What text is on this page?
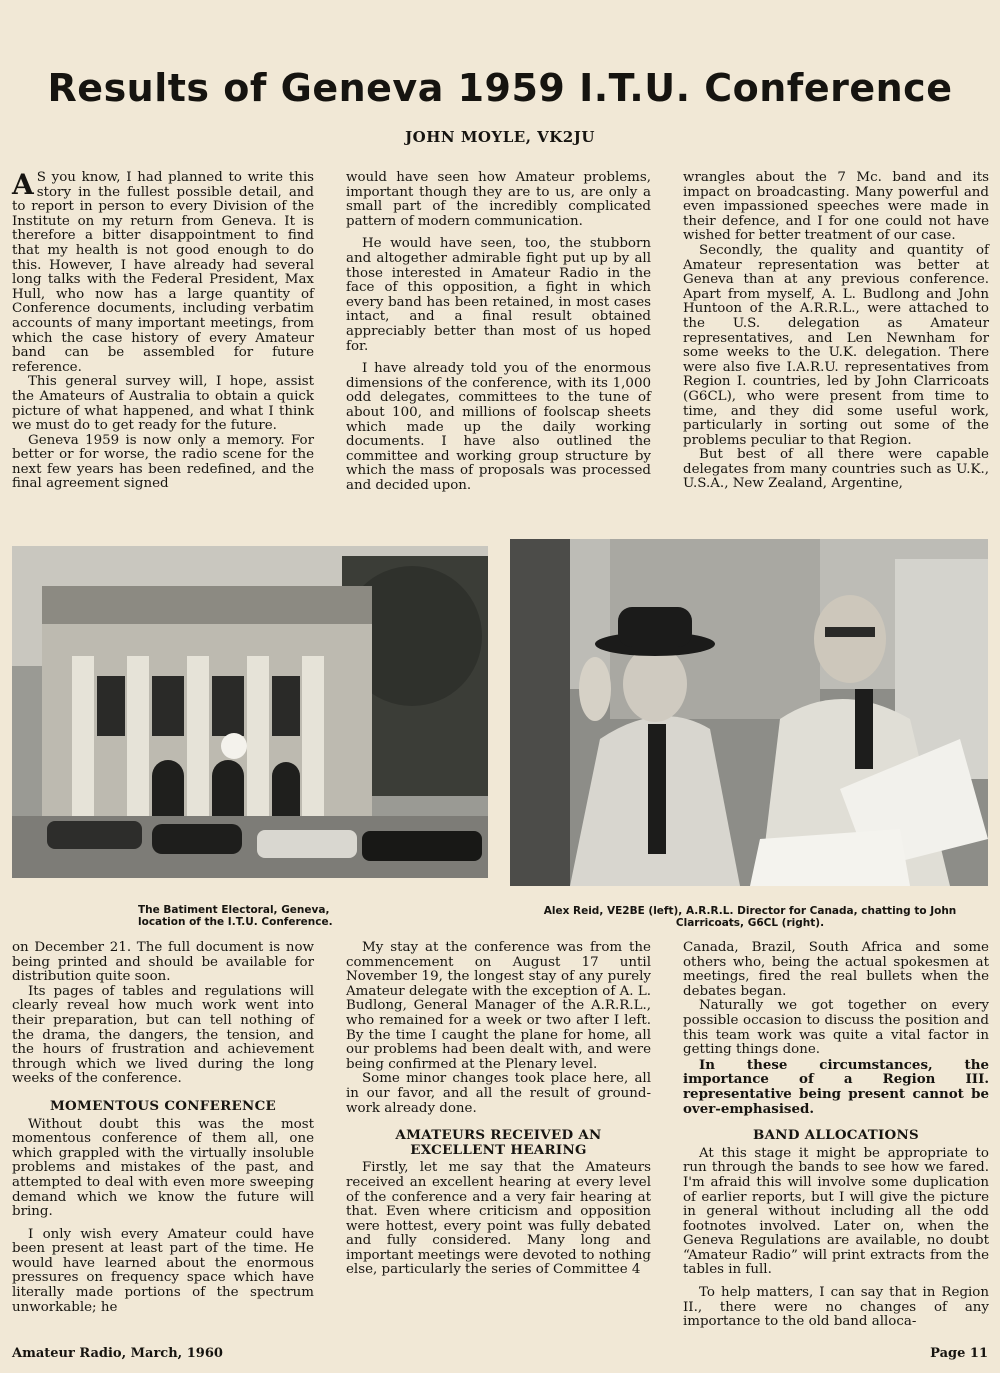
Results of Geneva 1959 I.T.U. Conference
JOHN MOYLE, VK2JU

A S you know, I had planned to write this story in the fullest possible detail, and to report in person to every Division of the Institute on my return from Geneva. It is therefore a bitter disappointment to find that my health is not good enough to do this. However, I have already had several long talks with the Federal President, Max Hull, who now has a large quantity of Conference documents, including verbatim accounts of many important meetings, from which the case history of every Amateur band can be assembled for future reference.

This general survey will, I hope, assist the Amateurs of Australia to obtain a quick picture of what happened, and what I think we must do to get ready for the future.

Geneva 1959 is now only a memory. For better or for worse, the radio scene for the next few years has been redefined, and the final agreement signed

would have seen how Amateur problems, important though they are to us, are only a small part of the incredibly complicated pattern of modern communication.

He would have seen, too, the stubborn and altogether admirable fight put up by all those interested in Amateur Radio in the face of this opposition, a fight in which every band has been retained, in most cases intact, and a final result obtained appreciably better than most of us hoped for.

I have already told you of the enormous dimensions of the conference, with its 1,000 odd delegates, committees to the tune of about 100, and millions of foolscap sheets which made up the daily working documents. I have also outlined the committee and working group structure by which the mass of proposals was processed and decided upon.

wrangles about the 7 Mc. band and its impact on broadcasting. Many powerful and even impassioned speeches were made in their defence, and I for one could not have wished for better treatment of our case.

Secondly, the quality and quantity of Amateur representation was better at Geneva than at any previous conference. Apart from myself, A. L. Budlong and John Huntoon of the A.R.R.L., were attached to the U.S. delegation as Amateur representatives, and Len Newnham for some weeks to the U.K. delegation. There were also five I.A.R.U. representatives from Region I. countries, led by John Clarricoats (G6CL), who were present from time to time, and they did some useful work, particularly in sorting out some of the problems peculiar to that Region.

But best of all there were capable delegates from many countries such as U.K., U.S.A., New Zealand, Argentine,

The Batiment Electoral, Geneva, location of the I.T.U. Conference.
Alex Reid, VE2BE (left), A.R.R.L. Director for Canada, chatting to John Clarricoats, G6CL (right).

on December 21. The full document is now being printed and should be available for distribution quite soon.

Its pages of tables and regulations will clearly reveal how much work went into their preparation, but can tell nothing of the drama, the dangers, the tension, and the hours of frustration and achievement through which we lived during the long weeks of the conference.

MOMENTOUS CONFERENCE

Without doubt this was the most momentous conference of them all, one which grappled with the virtually insoluble problems and mistakes of the past, and attempted to deal with even more sweeping demand which we know the future will bring.

I only wish every Amateur could have been present at least part of the time. He would have learned about the enormous pressures on frequency space which have literally made portions of the spectrum unworkable; he

My stay at the conference was from the commencement on August 17 until November 19, the longest stay of any purely Amateur delegate with the exception of A. L. Budlong, General Manager of the A.R.R.L., who remained for a week or two after I left. By the time I caught the plane for home, all our problems had been dealt with, and were being confirmed at the Plenary level.

Some minor changes took place here, all in our favor, and all the result of ground-work already done.

AMATEURS RECEIVED AN EXCELLENT HEARING

Firstly, let me say that the Amateurs received an excellent hearing at every level of the conference and a very fair hearing at that. Even where criticism and opposition were hottest, every point was fully debated and fully considered. Many long and important meetings were devoted to nothing else, particularly the series of Committee 4

Canada, Brazil, South Africa and some others who, being the actual spokesmen at meetings, fired the real bullets when the debates began.

Naturally we got together on every possible occasion to discuss the position and this team work was quite a vital factor in getting things done.

In these circumstances, the importance of a Region III. representative being present cannot be over-emphasised.

BAND ALLOCATIONS

At this stage it might be appropriate to run through the bands to see how we fared. I'm afraid this will involve some duplication of earlier reports, but I will give the picture in general without including all the odd footnotes involved. Later on, when the Geneva Regulations are available, no doubt “Amateur Radio” will print extracts from the tables in full.

To help matters, I can say that in Region II., there were no changes of any importance to the old band alloca-

Amateur Radio, March, 1960	Page 11
